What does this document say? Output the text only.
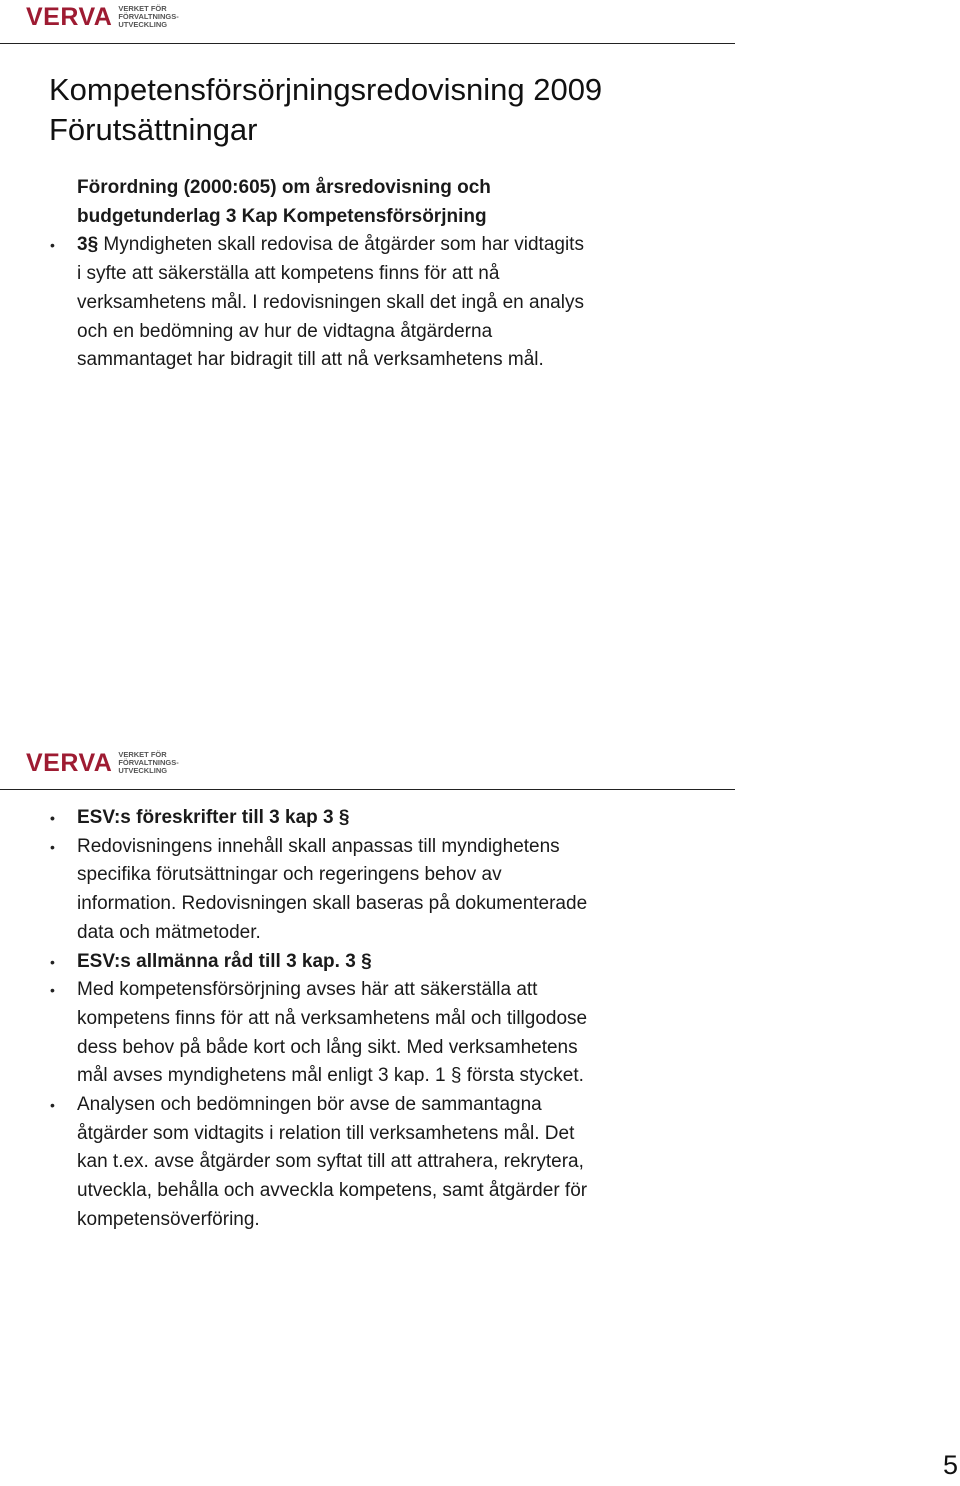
VERVA VERKET FÖR
FÖRVALTNINGS-
UTVECKLING
Kompetensförsörjningsredovisning 2009
Förutsättningar
Förordning (2000:605) om årsredovisning och
budgetunderlag 3 Kap Kompetensförsörjning
• 3§ Myndigheten skall redovisa de åtgärder som har vidtagits
i syfte att säkerställa att kompetens finns för att nå
verksamhetens mål. I redovisningen skall det ingå en analys
och en bedömning av hur de vidtagna åtgärderna
sammantaget har bidragit till att nå verksamhetens mål.
VERVA VERKET FÖR
FÖRVALTNINGS-
UTVECKLING
• ESV:s föreskrifter till 3 kap 3 §
• Redovisningens innehåll skall anpassas till myndighetens
specifika förutsättningar och regeringens behov av
information. Redovisningen skall baseras på dokumenterade
data och mätmetoder.
• ESV:s allmänna råd till 3 kap. 3 §
• Med kompetensförsörjning avses här att säkerställa att
kompetens finns för att nå verksamhetens mål och tillgodose
dess behov på både kort och lång sikt. Med verksamhetens
mål avses myndighetens mål enligt 3 kap. 1 § första stycket.
• Analysen och bedömningen bör avse de sammantagna
åtgärder som vidtagits i relation till verksamhetens mål. Det
kan t.ex. avse åtgärder som syftat till att attrahera, rekrytera,
utveckla, behålla och avveckla kompetens, samt åtgärder för
kompetensöverföring.
5
